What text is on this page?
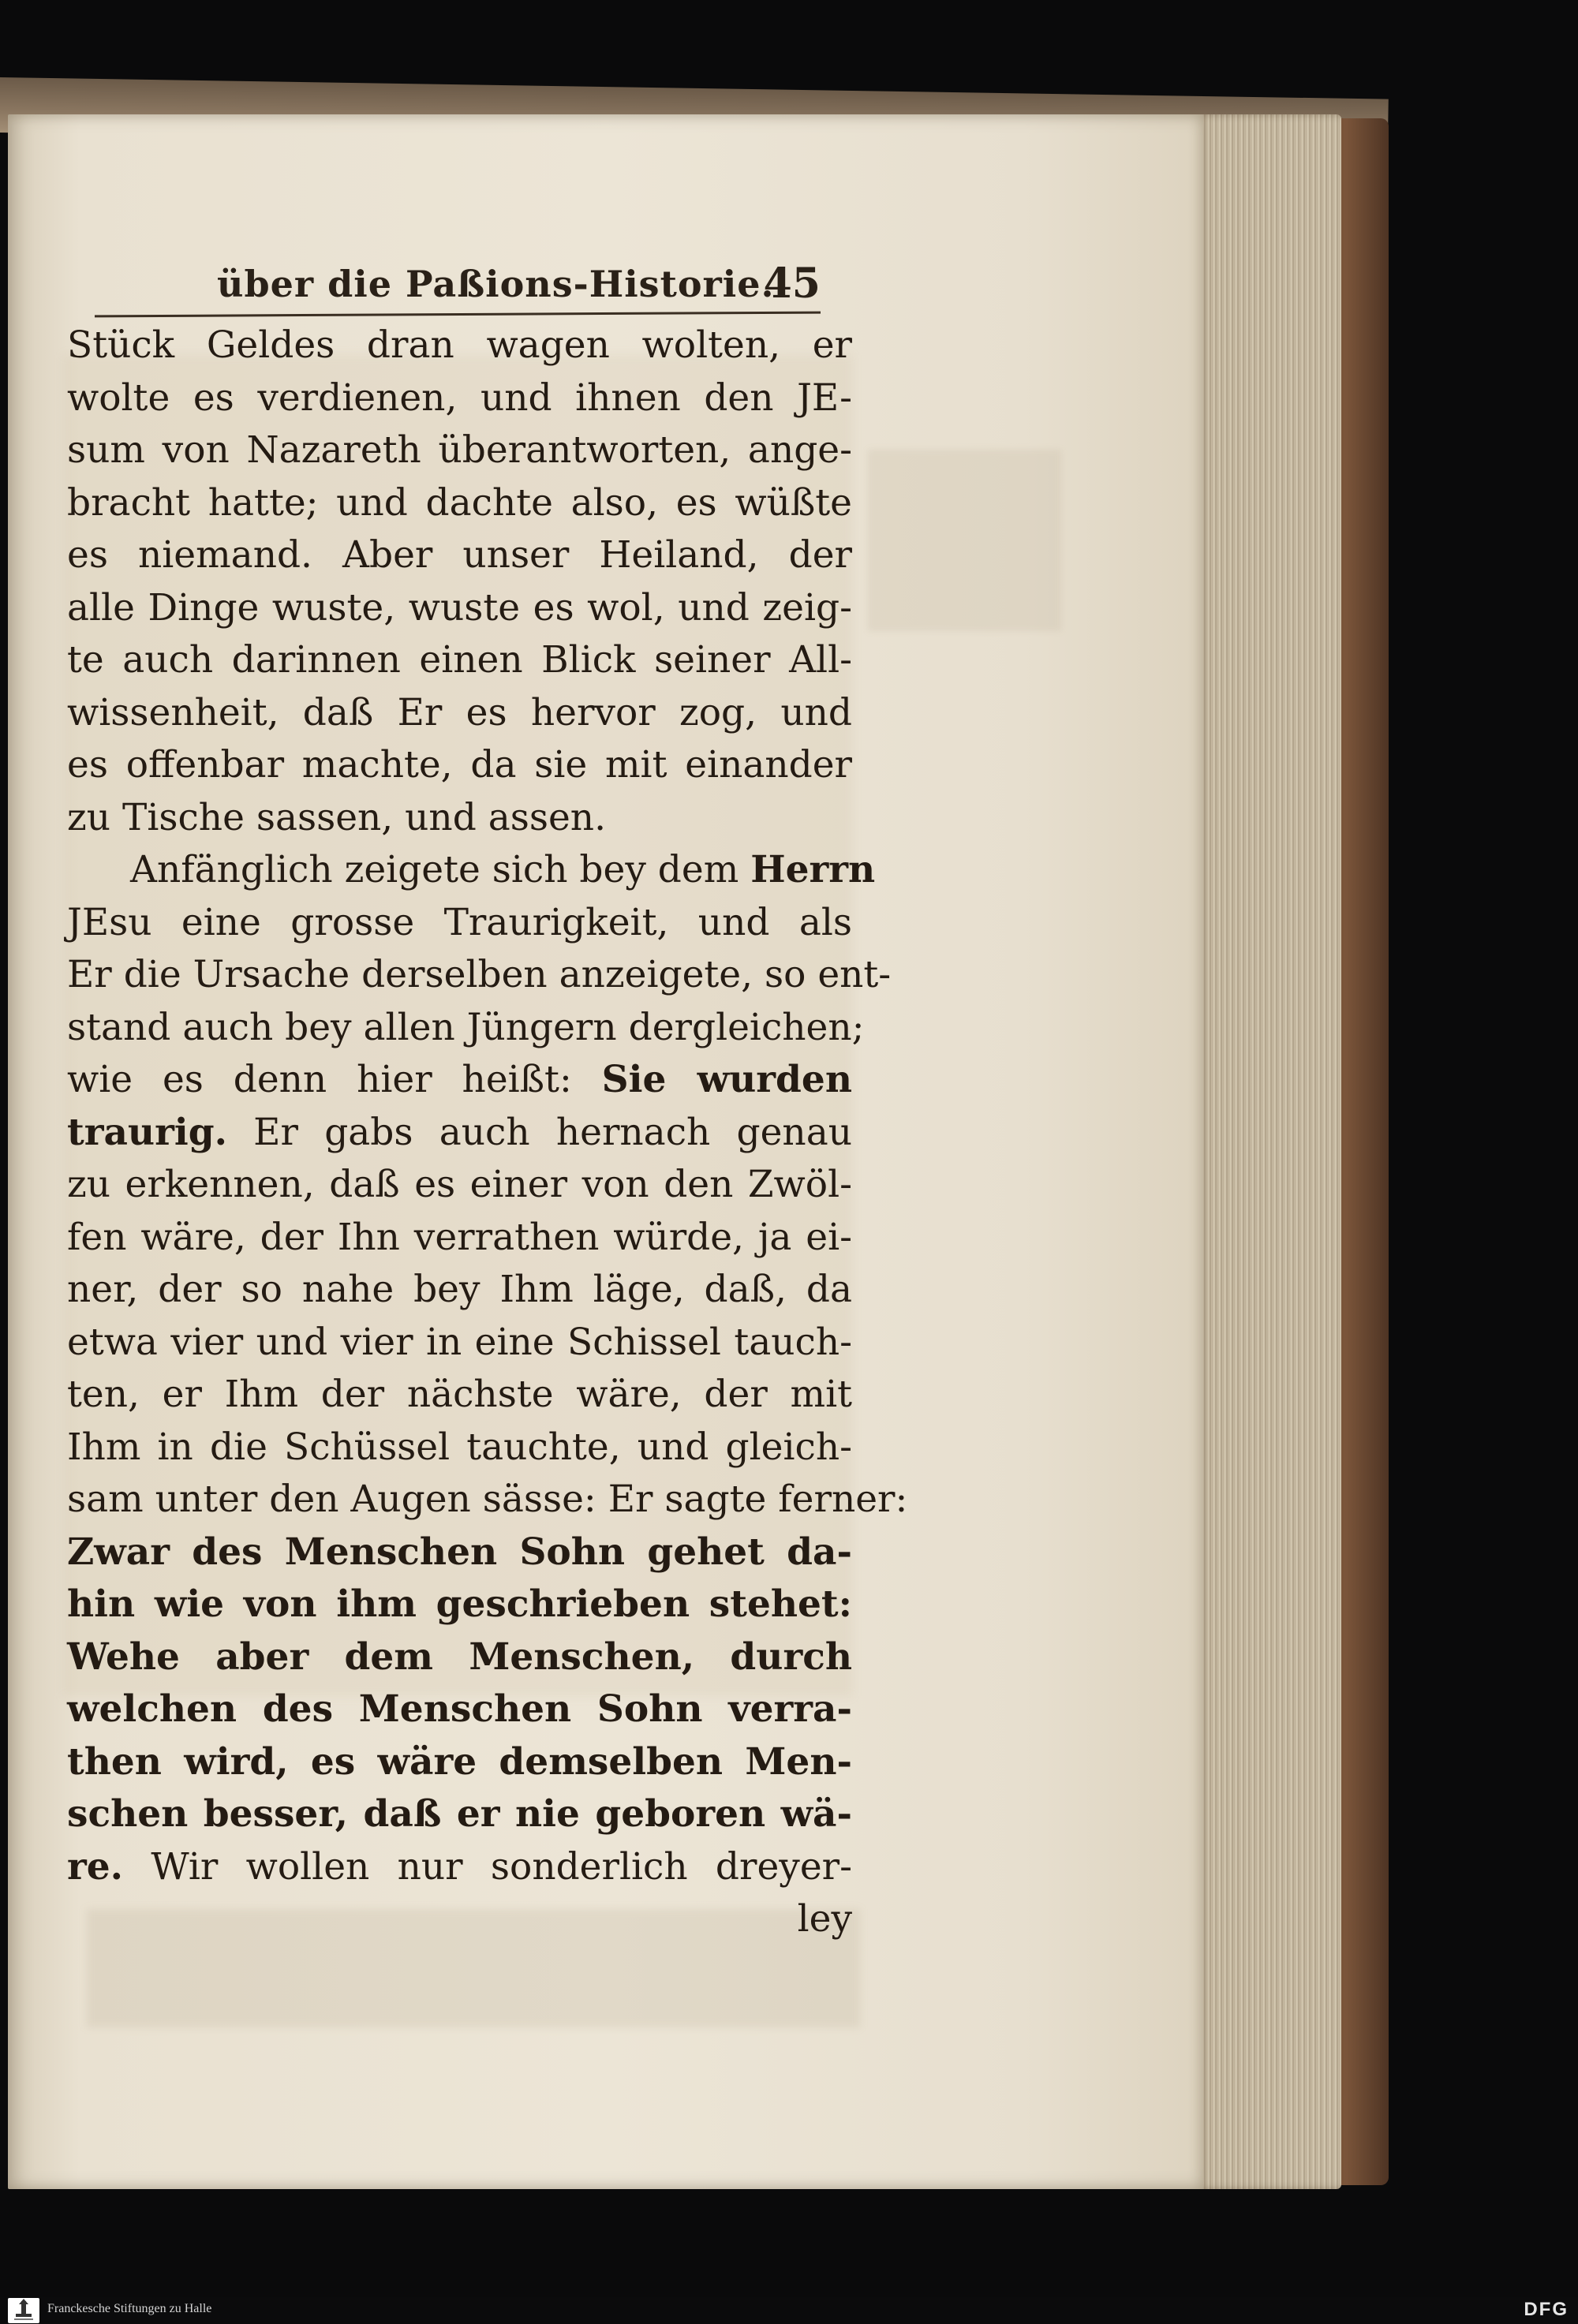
über die Paßions-Historie.
45
Stück Geldes dran wagen wolten, er
wolte es verdienen, und ihnen den JE-
sum von Nazareth überantworten, ange-
bracht hatte; und dachte also, es wüßte
es niemand. Aber unser Heiland, der
alle Dinge wuste, wuste es wol, und zeig-
te auch darinnen einen Blick seiner All-
wissenheit, daß Er es hervor zog, und
es offenbar machte, da sie mit einander
zu Tische sassen, und assen.
Anfänglich zeigete sich bey dem Herrn
JEsu eine grosse Traurigkeit, und als
Er die Ursache derselben anzeigete, so ent-
stand auch bey allen Jüngern dergleichen;
wie es denn hier heißt: Sie wurden
traurig. Er gabs auch hernach genau
zu erkennen, daß es einer von den Zwöl-
fen wäre, der Ihn verrathen würde, ja ei-
ner, der so nahe bey Ihm läge, daß, da
etwa vier und vier in eine Schissel tauch-
ten, er Ihm der nächste wäre, der mit
Ihm in die Schüssel tauchte, und gleich-
sam unter den Augen sässe: Er sagte ferner:
Zwar des Menschen Sohn gehet da-
hin wie von ihm geschrieben stehet:
Wehe aber dem Menschen, durch
welchen des Menschen Sohn verra-
then wird, es wäre demselben Men-
schen besser, daß er nie geboren wä-
re. Wir wollen nur sonderlich dreyer-
ley
Franckesche Stiftungen zu Halle	DFG
